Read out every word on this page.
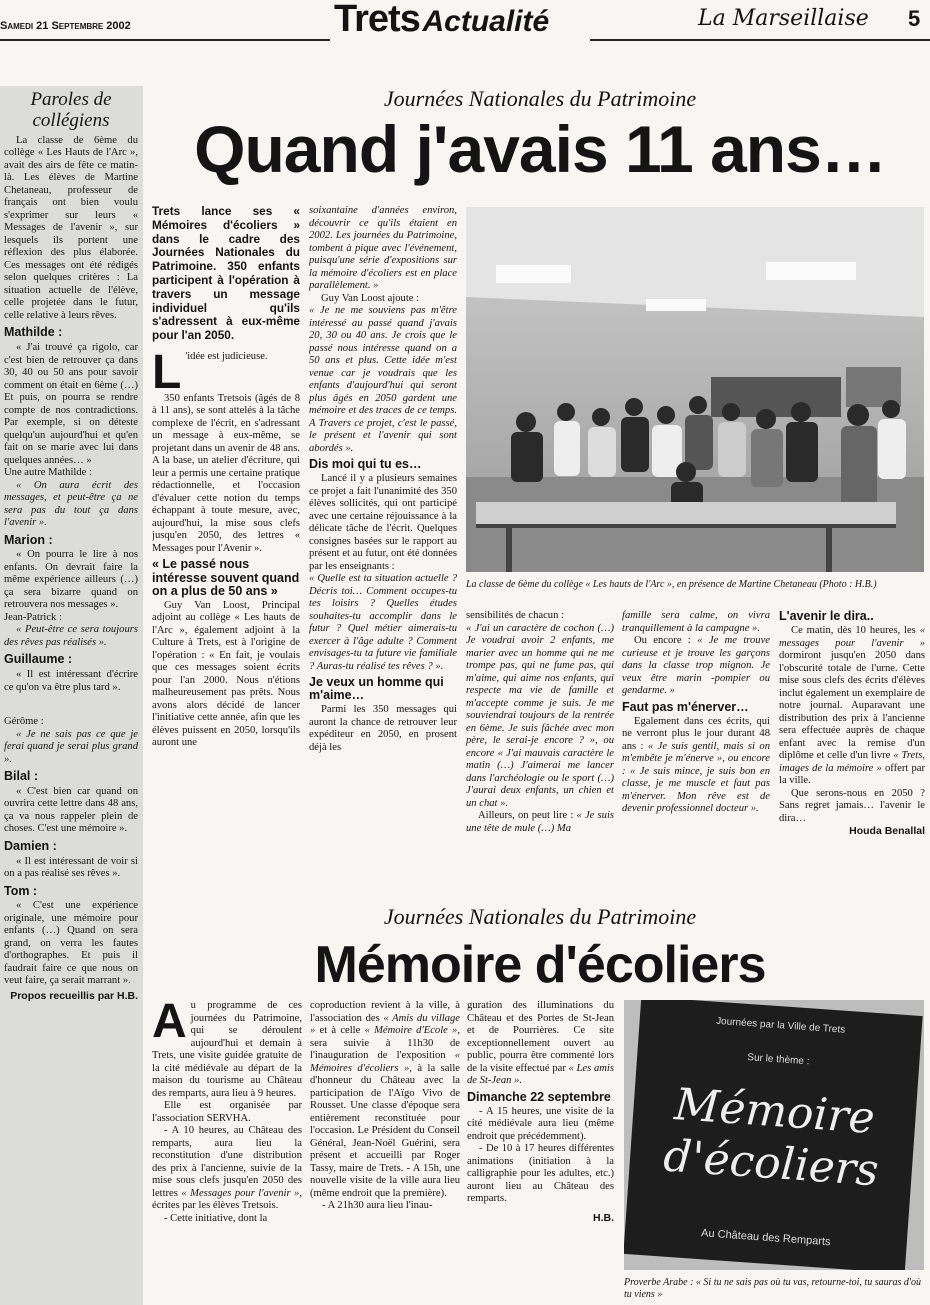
Samedi 21 Septembre 2002	Trets Actualité	La Marseillaise 5
Paroles de collégiens

La classe de 6ème du collège « Les Hauts de l'Arc », avait des airs de fête ce matin-là. Les élèves de Martine Chetaneau, professeur de français ont bien voulu s'exprimer sur leurs « Messages de l'avenir », sur lesquels ils portent une réflexion des plus élaborée. Ces messages ont été rédigés selon quelques critères : La situation actuelle de l'élève, celle projetée dans le futur, celle relative à leurs rêves.

Mathilde :

« J'ai trouvé ça rigolo, car c'est bien de retrouver ça dans 30, 40 ou 50 ans pour savoir comment on était en 6ème (…) Et puis, on pourra se rendre compte de nos contradictions. Par exemple, si on déteste quelqu'un aujourd'hui et qu'en fait on se marie avec lui dans quelques années… »

Une autre Mathilde :

« On aura écrit des messages, et peut-être ça ne sera pas du tout ça dans l'avenir ».

Marion :

« On pourra le lire à nos enfants. On devrait faire la même expérience ailleurs (…) ça sera bizarre quand on retrouvera nos messages ».

Jean-Patrick :

« Peut-être ce sera toujours des rêves pas réalisés ».

Guillaume :

« Il est intéressant d'écrire ce qu'on va être plus tard ».

Gérôme :

« Je ne sais pas ce que je ferai quand je serai plus grand ».

Bilal :

« C'est bien car quand on ouvrira cette lettre dans 48 ans, ça va nous rappeler plein de choses. C'est une mémoire ».

Damien :

« Il est intéressant de voir si on a pas réalisé ses rêves ».

Tom :

« C'est une expérience originale, une mémoire pour enfants (…) Quand on sera grand, on verra les fautes d'orthographes. Et puis il faudrait faire ce que nous on veut faire, ça serait marrant ».

Propos recueillis par H.B.
Journées Nationales du Patrimoine
Quand j'avais 11 ans…

Trets lance ses « Mémoires d'écoliers » dans le cadre des Journées Nationales du Patrimoine. 350 enfants participent à l'opération à travers un message individuel qu'ils s'adressent à eux-même pour l'an 2050.

L 'idée est judicieuse.

350 enfants Tretsois (âgés de 8 à 11 ans), se sont attelés à la tâche complexe de l'écrit, en s'adressant un message à eux-même, se projetant dans un avenir de 48 ans. A la base, un atelier d'écriture, qui leur a permis une certaine pratique rédactionnelle, et l'occasion d'évaluer cette notion du temps échappant à toute mesure, avec, aujourd'hui, la mise sous clefs jusqu'en 2050, des lettres « Messages pour l'Avenir ».

« Le passé nous intéresse souvent quand on a plus de 50 ans »

Guy Van Loost, Principal adjoint au collège « Les hauts de l'Arc », également adjoint à la Culture à Trets, est à l'origine de l'opération : « En fait, je voulais que ces messages soient écrits pour l'an 2000. Nous n'étions malheureusement pas prêts. Nous avons alors décidé de lancer l'initiative cette année, afin que les élèves puissent en 2050, lorsqu'ils auront une

soixantaine d'années environ, découvrir ce qu'ils étaient en 2002. Les journées du Patrimoine, tombent à pique avec l'événement, puisqu'une série d'expositions sur la mémoire d'écoliers est en place parallèlement. »

Guy Van Loost ajoute :

« Je ne me souviens pas m'être intéressé au passé quand j'avais 20, 30 ou 40 ans. Je crois que le passé nous intéresse quand on a 50 ans et plus. Cette idée m'est venue car je voudrais que les enfants d'aujourd'hui qui seront plus âgés en 2050 gardent une mémoire et des traces de ce temps. A Travers ce projet, c'est le passé, le présent et l'avenir qui sont abordés ».

Dis moi qui tu es…

Lancé il y a plusieurs semaines ce projet a fait l'unanimité des 350 élèves sollicités, qui ont participé avec une certaine réjouissance à la délicate tâche de l'écrit. Quelques consignes basées sur le rapport au présent et au futur, ont été données par les enseignants :

« Quelle est ta situation actuelle ? Décris toi… Comment occupes-tu tes loisirs ? Quelles études souhaites-tu accomplir dans le futur ? Quel métier aimerais-tu exercer à l'âge adulte ? Comment envisages-tu ta future vie familiale ? Auras-tu réalisé tes rêves ? ».

Je veux un homme qui m'aime…

Parmi les 350 messages qui auront la chance de retrouver leur expéditeur en 2050, en prosent déjà les

La classe de 6ème du collège « Les hauts de l'Arc », en présence de Martine Chetaneau (Photo : H.B.)

sensibilités de chacun :

« J'ai un caractère de cochon (…) Je voudrai avoir 2 enfants, me marier avec un homme qui ne me trompe pas, qui ne fume pas, qui m'aime, qui aime nos enfants, qui respecte ma vie de famille et m'accepte comme je suis. Je me souviendrai toujours de la rentrée en 6ème. Je suis fâchée avec mon père, le serai-je encore ? », ou encore « J'ai mauvais caractère le matin (…) J'aimerai me lancer dans l'archéologie ou le sport (…) J'aurai deux enfants, un chien et un chat ».

Ailleurs, on peut lire : « Je suis une tête de mule (…) Ma

famille sera calme, on vivra tranquillement à la campagne ».

Ou encore : « Je me trouve curieuse et je trouve les garçons dans la classe trop mignon. Je veux être marin -pompier ou gendarme. »

Faut pas m'énerver…

Egalement dans ces écrits, qui ne verront plus le jour durant 48 ans : « Je suis gentil, mais si on m'embête je m'énerve », ou encore : « Je suis mince, je suis bon en classe, je me muscle et faut pas m'énerver. Mon rêve est de devenir professionnel docteur ».

L'avenir le dira..

Ce matin, dès 10 heures, les « messages pour l'avenir » dormiront jusqu'en 2050 dans l'obscurité totale de l'urne. Cette mise sous clefs des écrits d'élèves inclut également un exemplaire de notre journal. Auparavant une distribution des prix à l'ancienne sera effectuée auprès de chaque enfant avec la remise d'un diplôme et celle d'un livre « Trets, images de la mémoire » offert par la ville.

Que serons-nous en 2050 ? Sans regret jamais… l'avenir le dira…

Houda Benallal
Journées Nationales du Patrimoine
Mémoire d'écoliers

Au programme de ces journées du Patrimoine, qui se déroulent aujourd'hui et demain à Trets, une visite guidée gratuite de la cité médiévale au départ de la maison du tourisme au Château des remparts, aura lieu à 9 heures.

Elle est organisée par l'association SERVHA.

- A 10 heures, au Château des remparts, aura lieu la reconstitution d'une distribution des prix à l'ancienne, suivie de la mise sous clefs jusqu'en 2050 des lettres « Messages pour l'avenir », écrites par les élèves Tretsois.

- Cette initiative, dont la

coproduction revient à la ville, à l'association des « Amis du village » et à celle « Mémoire d'Ecole », sera suivie à 11h30 de l'inauguration de l'exposition « Mémoires d'écoliers », à la salle d'honneur du Château avec la participation de l'Aïgo Vivo de Rousset. Une classe d'époque sera entièrement reconstituée pour l'occasion. Le Président du Conseil Général, Jean-Noël Guérini, sera présent et accueilli par Roger Tassy, maire de Trets. - A 15h, une nouvelle visite de la ville aura lieu (même endroit que la première).

- A 21h30 aura lieu l'inau-

guration des illuminations du Château et des Portes de St-Jean et de Pourrières. Ce site exceptionnellement ouvert au public, pourra être commenté lors de la visite effectué par « Les amis de St-Jean ».

Dimanche 22 septembre

- A 15 heures, une visite de la cité médiévale aura lieu (même endroit que précédemment).

- De 10 à 17 heures différentes animations (initiation à la calligraphie pour les adultes, etc.) auront lieu au Château des remparts.

H.B.
Journées par la Ville de Trets
Sur le thème :
Mémoire
d'écoliers
Au Château des Remparts
Proverbe Arabe : « Si tu ne sais pas où tu vas, retourne-toi, tu sauras d'où tu viens »
